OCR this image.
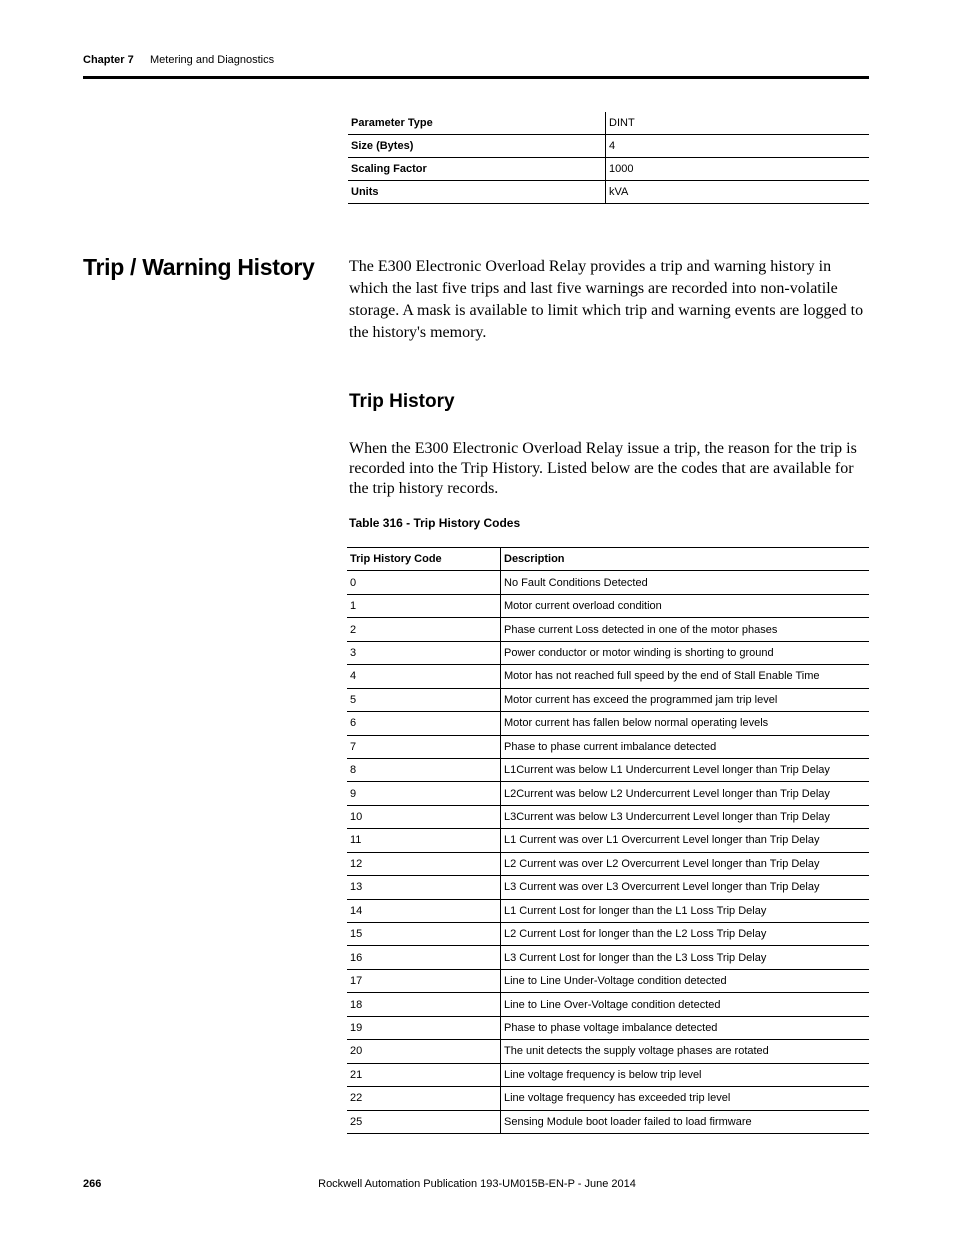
Chapter 7 Metering and Diagnostics
Parameter Type	DINT
Size (Bytes)	4
Scaling Factor	1000
Units	kVA
Trip / Warning History The E300 Electronic Overload Relay provides a trip and warning history in which the last five trips and last five warnings are recorded into non-volatile storage. A mask is available to limit which trip and warning events are logged to the history's memory.

Trip History

When the E300 Electronic Overload Relay issue a trip, the reason for the trip is recorded into the Trip History. Listed below are the codes that are available for the trip history records.

Table 316 - Trip History Codes
Trip History Code	Description
0	No Fault Conditions Detected
1	Motor current overload condition
2	Phase current Loss detected in one of the motor phases
3	Power conductor or motor winding is shorting to ground
4	Motor has not reached full speed by the end of Stall Enable Time
5	Motor current has exceed the programmed jam trip level
6	Motor current has fallen below normal operating levels
7	Phase to phase current imbalance detected
8	L1Current was below L1 Undercurrent Level longer than Trip Delay
9	L2Current was below L2 Undercurrent Level longer than Trip Delay
10	L3Current was below L3 Undercurrent Level longer than Trip Delay
11	L1 Current was over L1 Overcurrent Level longer than Trip Delay
12	L2 Current was over L2 Overcurrent Level longer than Trip Delay
13	L3 Current was over L3 Overcurrent Level longer than Trip Delay
14	L1 Current Lost for longer than the L1 Loss Trip Delay
15	L2 Current Lost for longer than the L2 Loss Trip Delay
16	L3 Current Lost for longer than the L3 Loss Trip Delay
17	Line to Line Under-Voltage condition detected
18	Line to Line Over-Voltage condition detected
19	Phase to phase voltage imbalance detected
20	The unit detects the supply voltage phases are rotated
21	Line voltage frequency is below trip level
22	Line voltage frequency has exceeded trip level
25	Sensing Module boot loader failed to load firmware
266	Rockwell Automation Publication 193-UM015B-EN-P - June 2014
